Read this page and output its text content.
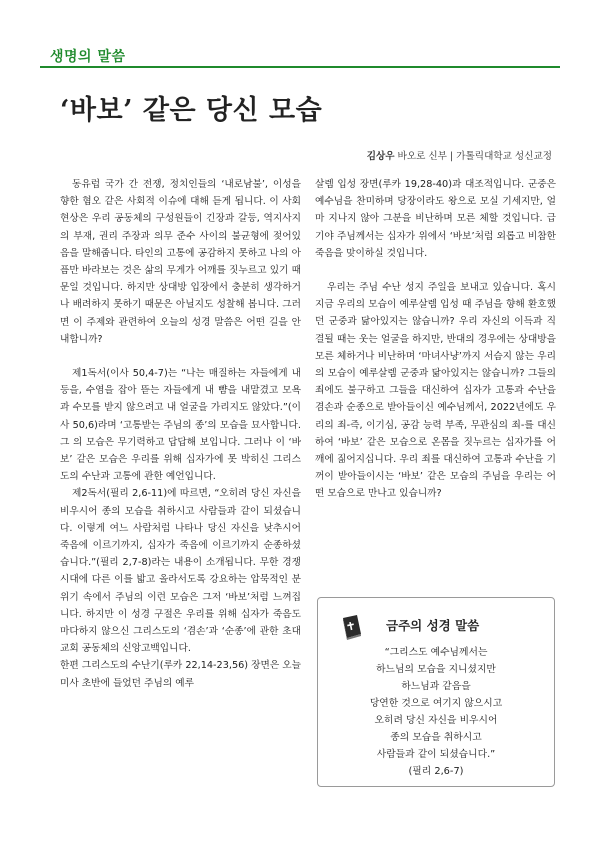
생명의 말씀
‘바보’ 같은 당신 모습
김상우 바오로 신부 | 가톨릭대학교 성신교정

동유럽 국가 간 전쟁, 정치인들의 ‘내로남불’, 이성을 향한 혐오 같은 사회적 이슈에 대해 듣게 됩니다. 이 사회현상은 우리 공동체의 구성원들이 긴장과 갈등, 역지사지의 부재, 권리 주장과 의무 준수 사이의 불균형에 젖어있음을 말해줍니다. 타인의 고통에 공감하지 못하고 나의 아픔만 바라보는 것은 삶의 무게가 어깨를 짓누르고 있기 때문일 것입니다. 하지만 상대방 입장에서 충분히 생각하거나 배려하지 못하기 때문은 아닐지도 성찰해 봅니다. 그러면 이 주제와 관련하여 오늘의 성경 말씀은 어떤 길을 안내합니까?

제1독서(이사 50,4-7)는 “나는 매질하는 자들에게 내 등을, 수염을 잡아 뜯는 자들에게 내 뺨을 내맡겼고 모욕과 수모를 받지 않으려고 내 얼굴을 가리지도 않았다.”(이사 50,6)라며 ‘고통받는 주님의 종’의 모습을 묘사합니다. 그 의 모습은 무기력하고 답답해 보입니다. 그러나 이 ‘바보’ 같은 모습은 우리를 위해 십자가에 못 박히신 그리스도의 수난과 고통에 관한 예언입니다.

제2독서(필리 2,6-11)에 따르면, “오히려 당신 자신을 비우시어 종의 모습을 취하시고 사람들과 같이 되셨습니다. 이렇게 여느 사람처럼 나타나 당신 자신을 낮추시어 죽음에 이르기까지, 십자가 죽음에 이르기까지 순종하셨습니다.”(필리 2,7-8)라는 내용이 소개됩니다. 무한 경쟁 시대에 다른 이를 밟고 올라서도록 강요하는 압묵적인 분위기 속에서 주님의 이런 모습은 그저 ‘바보’처럼 느껴집니다. 하지만 이 성경 구절은 우리를 위해 십자가 죽음도 마다하지 않으신 그리스도의 ‘겸손’과 ‘순종’에 관한 초대 교회 공동체의 신앙고백입니다.

한편 그리스도의 수난기(루카 22,14-23,56) 장면은 오늘 미사 초반에 들었던 주님의 예루

살렘 입성 장면(루카 19,28-40)과 대조적입니다. 군중은 예수님을 찬미하며 당장이라도 왕으로 모실 기세지만, 얼마 지나지 않아 그분을 비난하며 모른 체할 것입니다. 급기야 주님께서는 십자가 위에서 ‘바보’처럼 외롭고 비참한 죽음을 맞이하실 것입니다.

우리는 주님 수난 성지 주일을 보내고 있습니다. 혹시 지금 우리의 모습이 예루살렘 입성 때 주님을 향해 환호했던 군중과 닮아있지는 않습니까? 우리 자신의 이득과 직결될 때는 웃는 얼굴을 하지만, 반대의 경우에는 상대방을 모른 체하거나 비난하며 ‘마녀사냥’까지 서슴지 않는 우리의 모습이 예루살렘 군중과 닮아있지는 않습니까? 그들의 죄에도 불구하고 그들을 대신하여 십자가 고통과 수난을 겸손과 순종으로 받아들이신 예수님께서, 2022년에도 우리의 죄-즉, 이기심, 공감 능력 부족, 무관심의 죄-를 대신하여 ‘바보’ 같은 모습으로 온몸을 짓누르는 십자가를 어깨에 짊어지십니다. 우리 죄를 대신하여 고통과 수난을 기꺼이 받아들이시는 ‘바보’ 같은 모습의 주님을 우리는 어떤 모습으로 만나고 있습니까?

금주의 성경 말씀
“그리스도 예수님께서는
하느님의 모습을 지니셨지만
하느님과 같음을
당연한 것으로 여기지 않으시고
오히려 당신 자신을 비우시어
종의 모습을 취하시고
사람들과 같이 되셨습니다.”
(필리 2,6-7)
